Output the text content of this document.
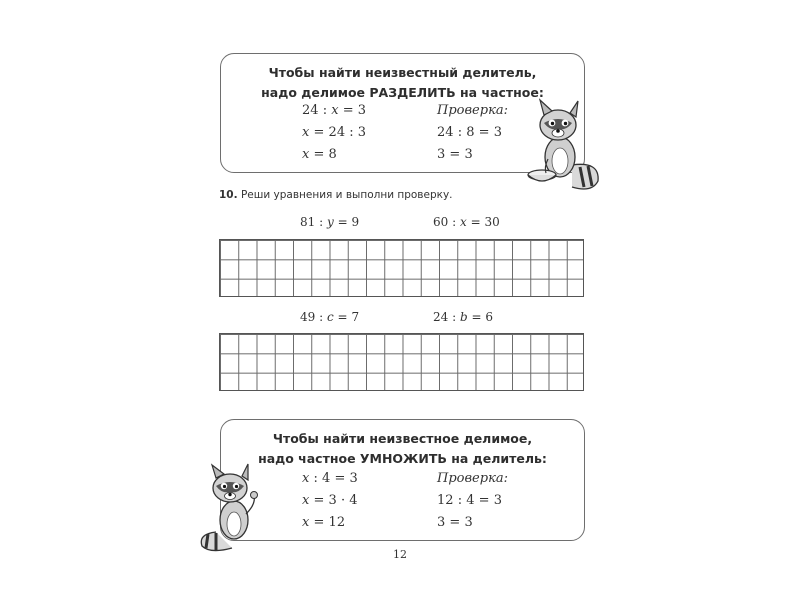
Чтобы найти неизвестный делитель,
надо делимое РАЗДЕЛИТЬ на частное:
24 : x = 3
x = 24 : 3
x = 8
Проверка:
24 : 8 = 3
3 = 3
10. Реши уравнения и выполни проверку.
81 : y = 9	60 : x = 30
49 : c = 7	24 : b = 6
Чтобы найти неизвестное делимое,
надо частное УМНОЖИТЬ на делитель:
x : 4 = 3
x = 3 · 4
x = 12
Проверка:
12 : 4 = 3
3 = 3
12
